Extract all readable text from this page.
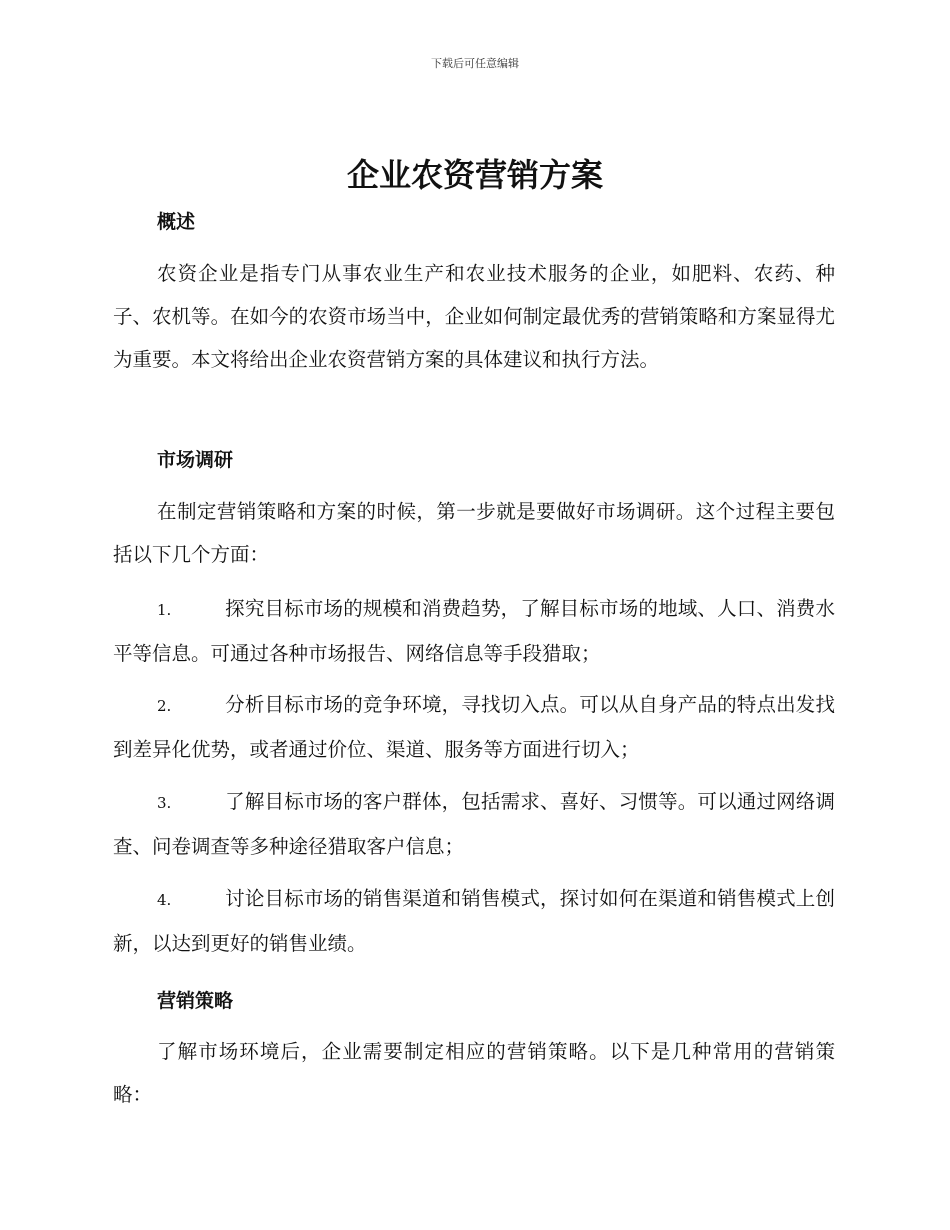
下载后可任意编辑
企业农资营销方案
概述

农资企业是指专门从事农业生产和农业技术服务的企业，如肥料、农药、种子、农机等。在如今的农资市场当中，企业如何制定最优秀的营销策略和方案显得尤为重要。本文将给出企业农资营销方案的具体建议和执行方法。

市场调研

在制定营销策略和方案的时候，第一步就是要做好市场调研。这个过程主要包括以下几个方面：

1.	探究目标市场的规模和消费趋势，了解目标市场的地域、人口、消费水平等信息。可通过各种市场报告、网络信息等手段猎取；

2.	分析目标市场的竞争环境，寻找切入点。可以从自身产品的特点出发找到差异化优势，或者通过价位、渠道、服务等方面进行切入；

3.	了解目标市场的客户群体，包括需求、喜好、习惯等。可以通过网络调查、问卷调查等多种途径猎取客户信息；

4.	讨论目标市场的销售渠道和销售模式，探讨如何在渠道和销售模式上创新，以达到更好的销售业绩。

营销策略

了解市场环境后，企业需要制定相应的营销策略。以下是几种常用的营销策略：
